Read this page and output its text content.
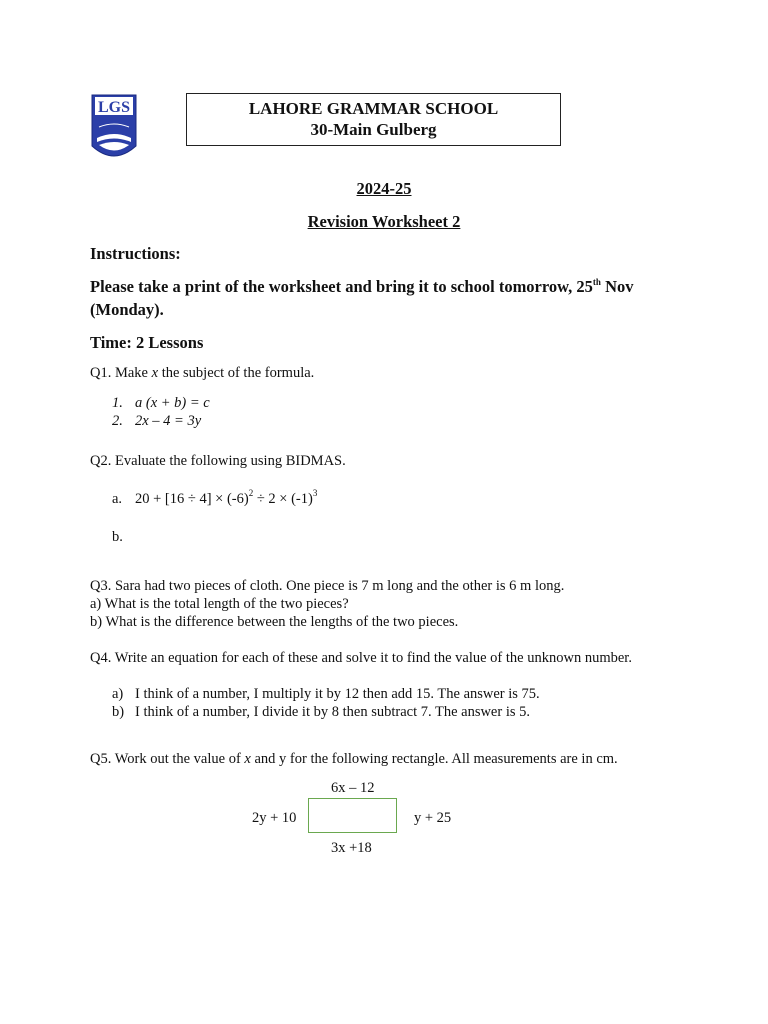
LGS	LAHORE GRAMMAR SCHOOL
30-Main Gulberg
2024-25
Revision Worksheet 2
Instructions:
Please take a print of the worksheet and bring it to school tomorrow, 25th Nov
(Monday).
Time: 2 Lessons
Q1. Make x the subject of the formula.
1. a (x + b) = c
2. 2x – 4 = 3y
Q2. Evaluate the following using BIDMAS.
a. $20 + [16 \div 4] \times (-6)^2 \div 2 \times (-1)^3$
b.
Q3. Sara had two pieces of cloth. One piece is 7 m long and the other is 6 m long.
a) What is the total length of the two pieces?
b) What is the difference between the lengths of the two pieces.
Q4. Write an equation for each of these and solve it to find the value of the unknown number.
a) I think of a number, I multiply it by 12 then add 15. The answer is 75.
b) I think of a number, I divide it by 8 then subtract 7. The answer is 5.
Q5. Work out the value of x and y for the following rectangle. All measurements are in cm.
6x – 12
2y + 10	y + 25
3x +18
